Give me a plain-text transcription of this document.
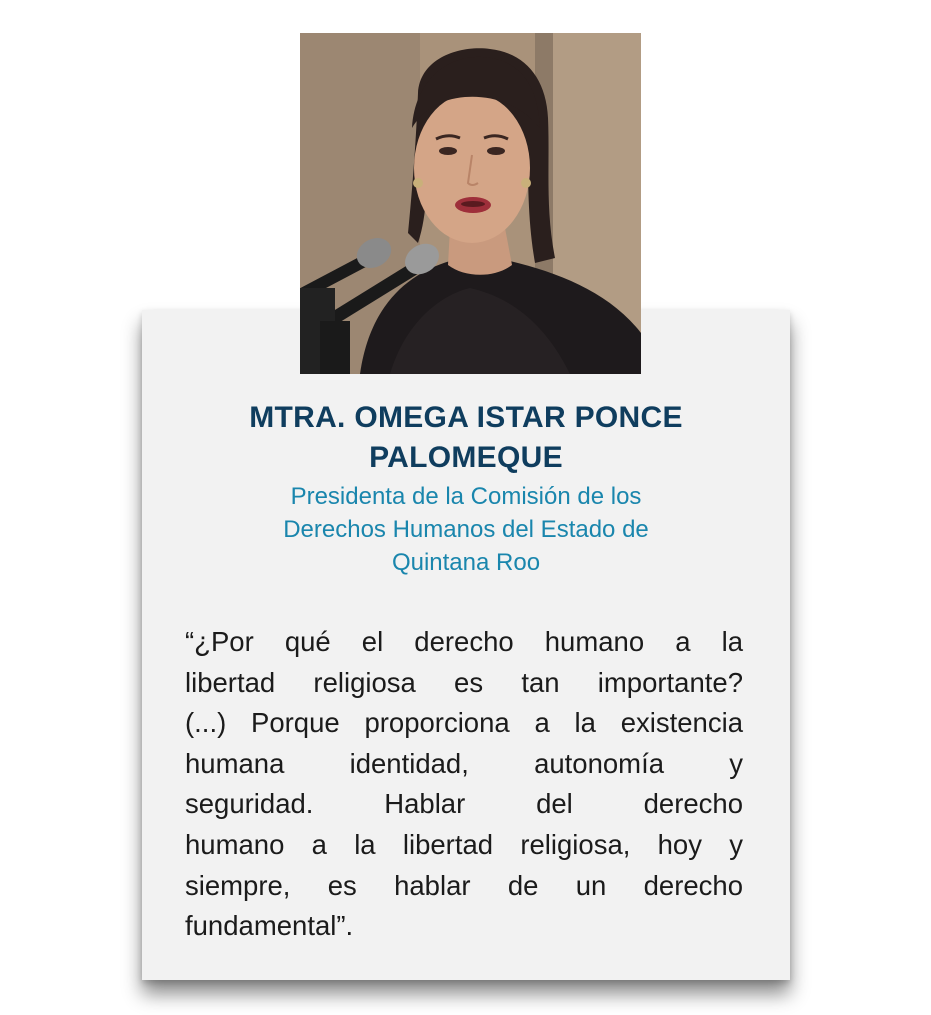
MTRA. OMEGA ISTAR PONCE
PALOMEQUE
Presidenta de la Comisión de los
Derechos Humanos del Estado de
Quintana Roo
“¿Por qué el derecho humano a la
libertad religiosa es tan importante?
(...) Porque proporciona a la existencia
humana identidad, autonomía y
seguridad. Hablar del derecho
humano a la libertad religiosa, hoy y
siempre, es hablar de un derecho
fundamental”.
